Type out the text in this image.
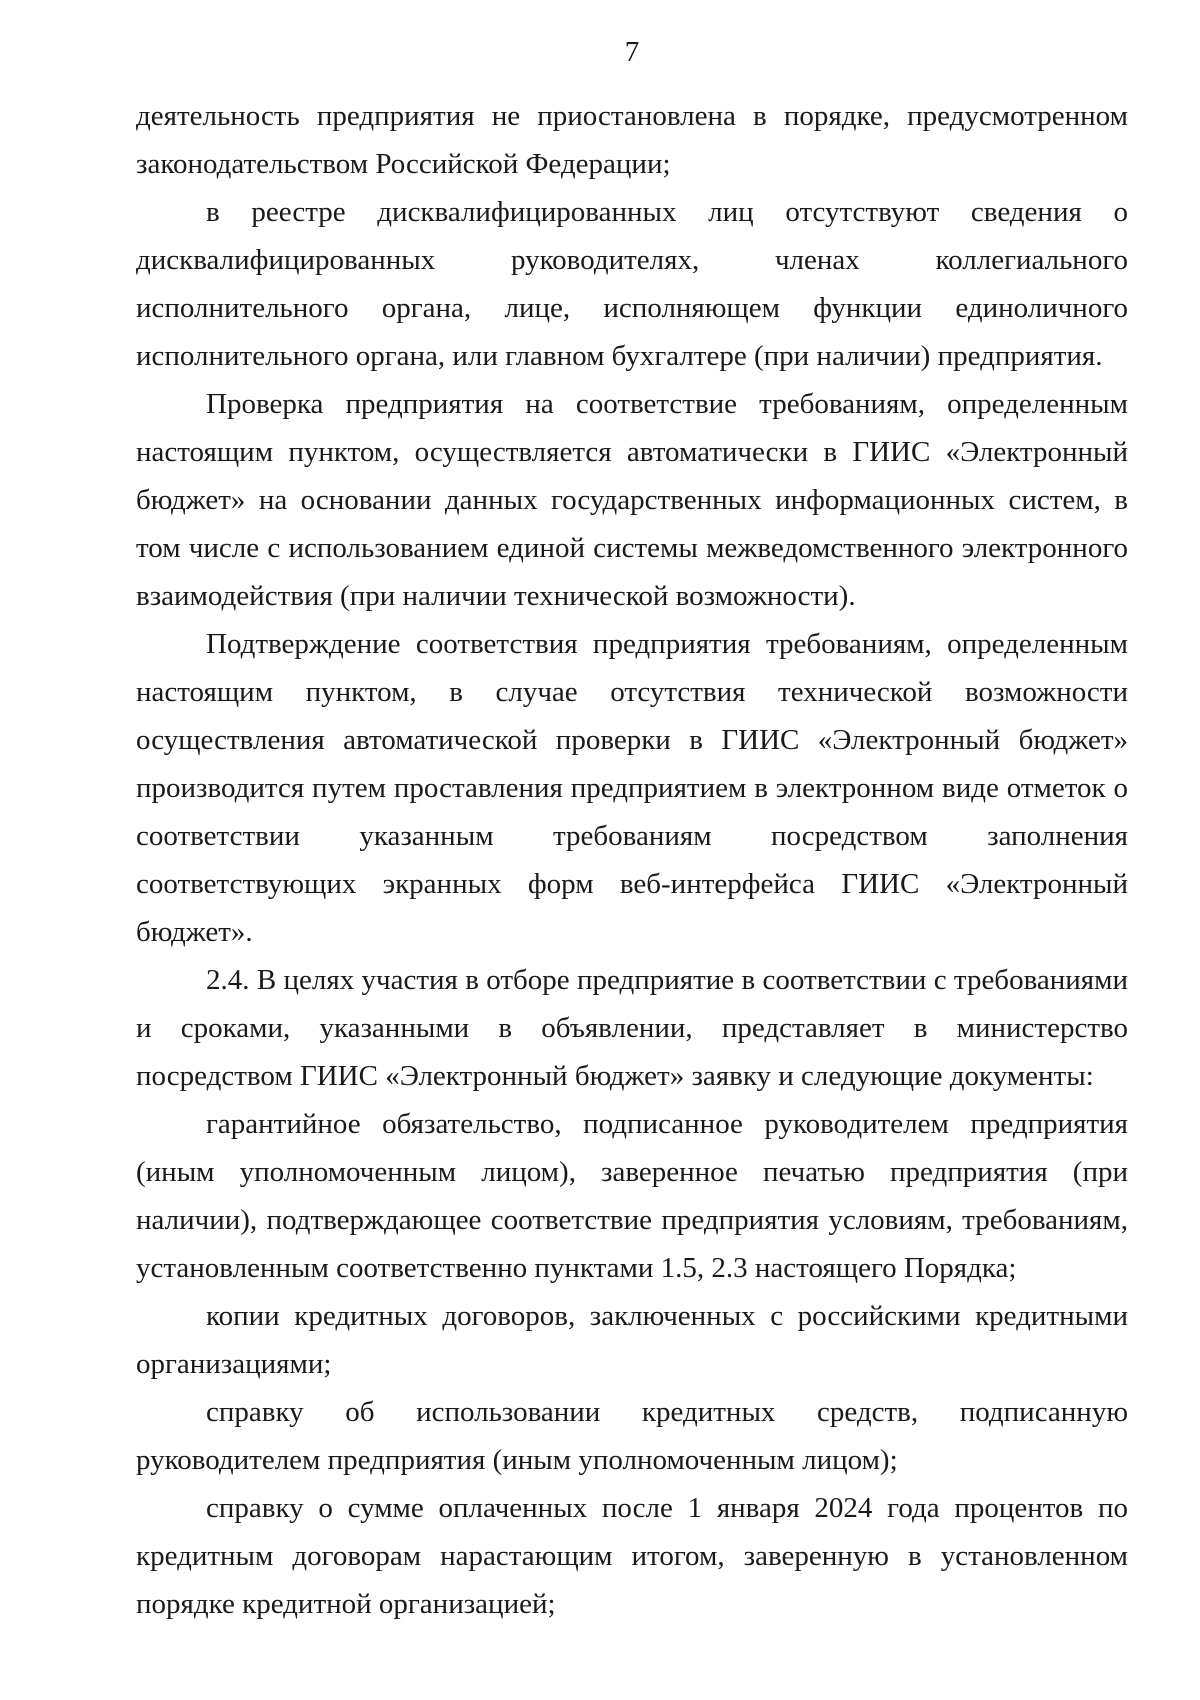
7

деятельность предприятия не приостановлена в порядке, предусмотренном законодательством Российской Федерации;

в реестре дисквалифицированных лиц отсутствуют сведения о дисквалифицированных руководителях, членах коллегиального исполнительного органа, лице, исполняющем функции единоличного исполнительного органа, или главном бухгалтере (при наличии) предприятия.

Проверка предприятия на соответствие требованиям, определенным настоящим пунктом, осуществляется автоматически в ГИИС «Электронный бюджет» на основании данных государственных информационных систем, в том числе с использованием единой системы межведомственного электронного взаимодействия (при наличии технической возможности).

Подтверждение соответствия предприятия требованиям, определенным настоящим пунктом, в случае отсутствия технической возможности осуществления автоматической проверки в ГИИС «Электронный бюджет» производится путем проставления предприятием в электронном виде отметок о соответствии указанным требованиям посредством заполнения соответствующих экранных форм веб-интерфейса ГИИС «Электронный бюджет».

2.4. В целях участия в отборе предприятие в соответствии с требованиями и сроками, указанными в объявлении, представляет в министерство посредством ГИИС «Электронный бюджет» заявку и следующие документы:

гарантийное обязательство, подписанное руководителем предприятия (иным уполномоченным лицом), заверенное печатью предприятия (при наличии), подтверждающее соответствие предприятия условиям, требованиям, установленным соответственно пунктами 1.5, 2.3 настоящего Порядка;

копии кредитных договоров, заключенных с российскими кредитными организациями;

справку об использовании кредитных средств, подписанную руководителем предприятия (иным уполномоченным лицом);

справку о сумме оплаченных после 1 января 2024 года процентов по кредитным договорам нарастающим итогом, заверенную в установленном порядке кредитной организацией;
